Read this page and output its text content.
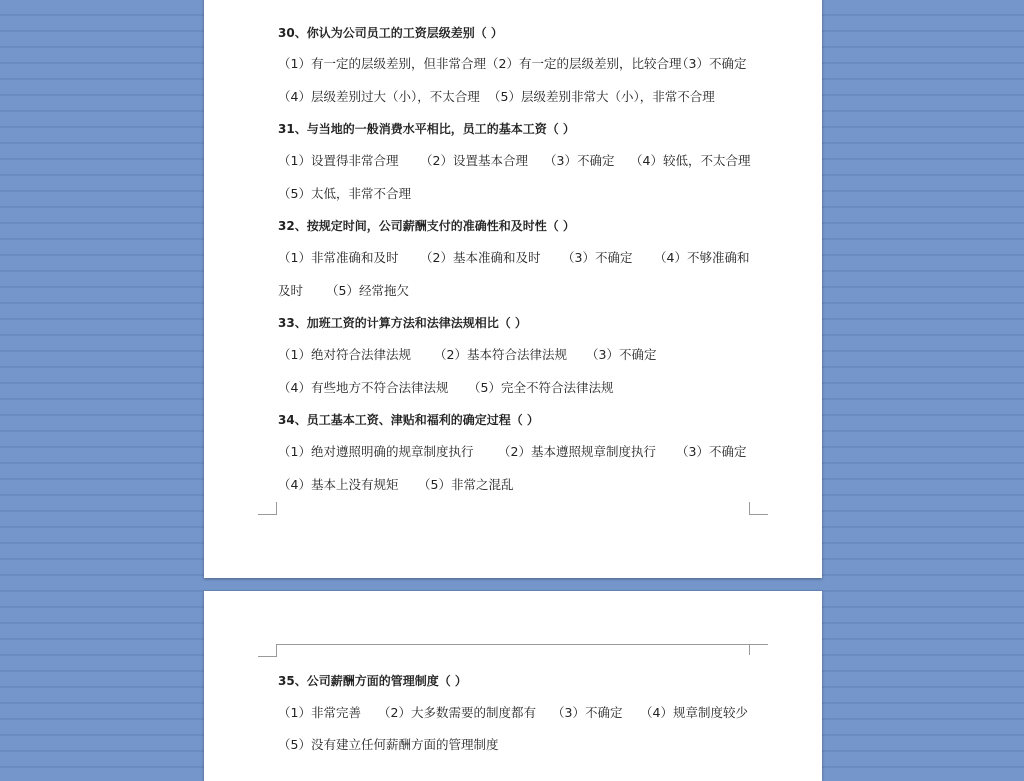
30、你认为公司员工的工资层级差别（ ）
（1）有一定的层级差别，但非常合理 （2）有一定的层级差别，比较合理
（3）不确定
（4）层级差别过大（小），不太合理 （5）层级差别非常大（小），非常不合理
31、与当地的一般消费水平相比，员工的基本工资（ ）
（1）设置得非常合理 （2）设置基本合理 （3）不确定 （4）较低，不太合理
（5）太低，非常不合理
32、按规定时间，公司薪酬支付的准确性和及时性（ ）
（1）非常准确和及时 （2）基本准确和及时 （3）不确定 （4）不够准确和
及时 （5）经常拖欠
33、加班工资的计算方法和法律法规相比（ ）
（1）绝对符合法律法规 （2）基本符合法律法规 （3）不确定
（4）有些地方不符合法律法规 （5）完全不符合法律法规
34、员工基本工资、津贴和福利的确定过程（ ）
（1）绝对遵照明确的规章制度执行 （2）基本遵照规章制度执行 （3）不确定
（4）基本上没有规矩 （5）非常之混乱
35、公司薪酬方面的管理制度（ ）
（1）非常完善 （2）大多数需要的制度都有 （3）不确定 （4）规章制度较少
（5）没有建立任何薪酬方面的管理制度
